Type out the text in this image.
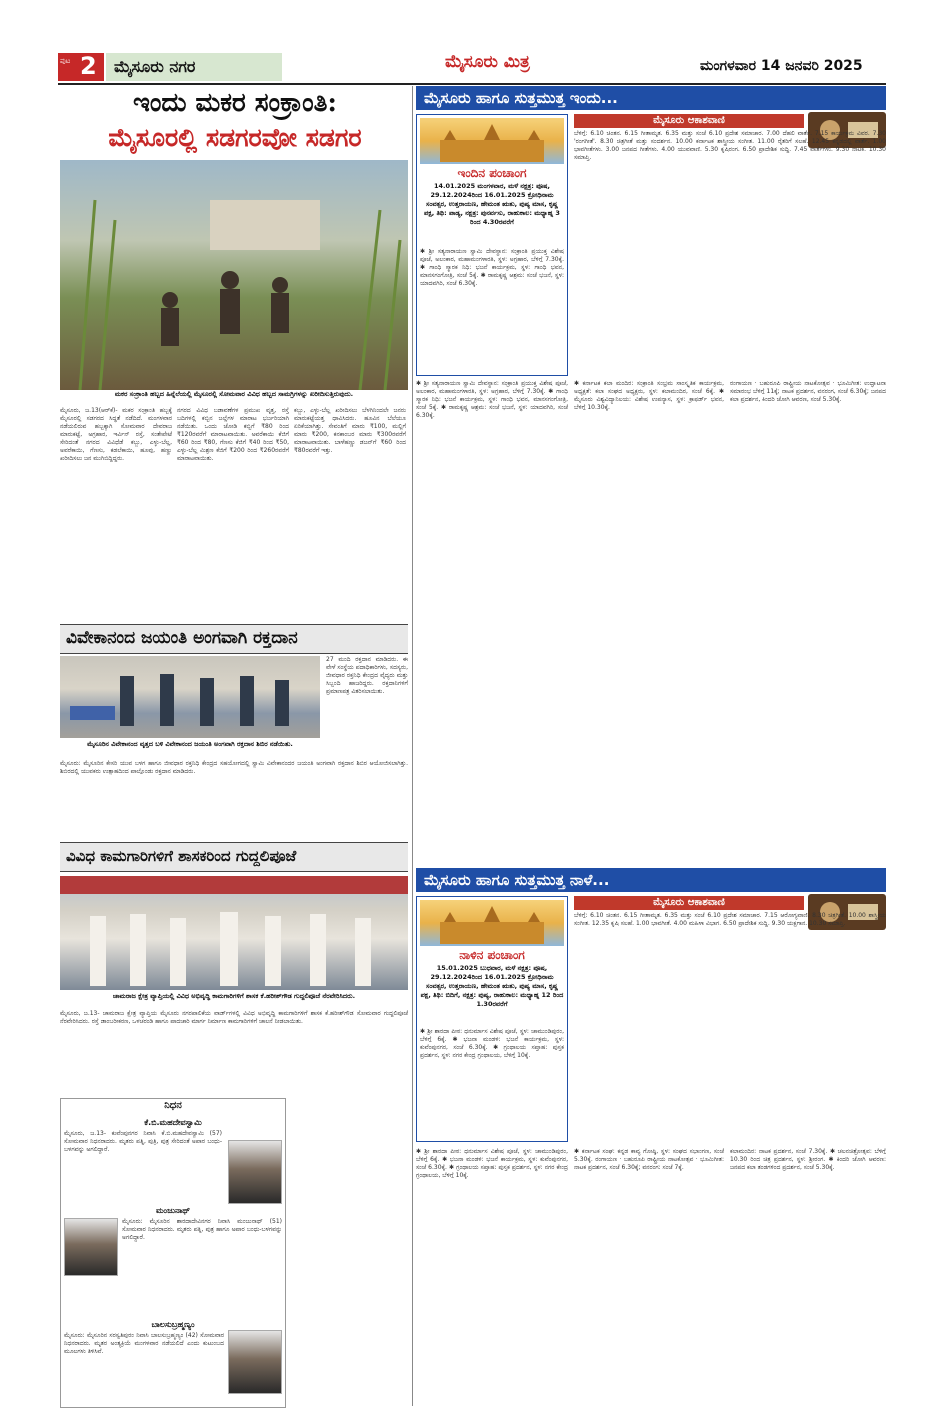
ಪುಟ 2	ಮೈಸೂರು ನಗರ	ಮೈಸೂರು ಮಿತ್ರ	ಮಂಗಳವಾರ 14 ಜನವರಿ 2025
ಇಂದು ಮಕರ ಸಂಕ್ರಾಂತಿ:
ಮೈಸೂರಲ್ಲಿ ಸಡಗರವೋ ಸಡಗರ
ಮಕರ ಸಂಕ್ರಾಂತಿ ಹಬ್ಬದ ಹಿನ್ನೆಲೆಯಲ್ಲಿ ಮೈಸೂರಲ್ಲಿ ಸೋಮವಾರ ವಿವಿಧ ಹಬ್ಬದ ಸಾಮಗ್ರಿಗಳನ್ನು ಖರೀದಿಸುತ್ತಿರುವುದು.
ಮೈಸೂರು, ಜ.13(ಆರ್‌ಕೆ)- ಮಕರ ಸಂಕ್ರಾಂತಿ ಹಬ್ಬಕ್ಕೆ ಮೈಸೂರಲ್ಲಿ ಸಡಗರದ ಸಿದ್ಧತೆ ನಡೆದಿದೆ. ಮಂಗಳವಾರ ನಡೆಯಲಿರುವ ಹಬ್ಬಕ್ಕಾಗಿ ಸೋಮವಾರ ದೇವರಾಜ ಮಾರುಕಟ್ಟೆ, ಅಗ್ರಹಾರ, ಇರ್ವಿನ್ ರಸ್ತೆ, ಸಂತೇಪೇಟೆ ಸೇರಿದಂತೆ ನಗರದ ವಿವಿಧೆಡೆ ಕಬ್ಬು, ಎಳ್ಳು-ಬೆಲ್ಲ, ಅವರೆಕಾಯಿ, ಗೆಣಸು, ಕಡಲೆಕಾಯಿ, ಹೂವು, ಹಣ್ಣು ಖರೀದಿಸಲು ಜನ ಮುಗಿಬಿದ್ದಿದ್ದರು.
ನಗರದ ವಿವಿಧ ಬಡಾವಣೆಗಳ ಪ್ರಮುಖ ವೃತ್ತ, ರಸ್ತೆ ಬದಿಗಳಲ್ಲಿ ಕಬ್ಬಿನ ಜಲ್ಲೆಗಳ ಮಾರಾಟ ಭರ್ಜರಿಯಾಗಿ ನಡೆಯಿತು. ಒಂದು ಜೋಡಿ ಕಬ್ಬಿಗೆ ₹80 ರಿಂದ ₹120ರವರೆಗೆ ಮಾರಾಟವಾಯಿತು. ಅವರೆಕಾಯಿ ಕೆಜಿಗೆ ₹60 ರಿಂದ ₹80, ಗೆಣಸು ಕೆಜಿಗೆ ₹40 ರಿಂದ ₹50, ಎಳ್ಳು-ಬೆಲ್ಲ ಮಿಶ್ರಣ ಕೆಜಿಗೆ ₹200 ರಿಂದ ₹260ರವರೆಗೆ ಮಾರಾಟವಾಯಿತು.
ಕಬ್ಬು, ಎಳ್ಳು-ಬೆಲ್ಲ ಖರೀದಿಸಲು ಬೆಳಗಿನಿಂದಲೇ ಜನರು ಮಾರುಕಟ್ಟೆಯತ್ತ ಧಾವಿಸಿದರು. ಹೂವಿನ ಬೆಲೆಯೂ ಏರಿಕೆಯಾಗಿತ್ತು. ಸೇವಂತಿಗೆ ಮಾರು ₹100, ಮಲ್ಲಿಗೆ ಮಾರು ₹200, ಕನಕಾಂಬರ ಮಾರು ₹300ರವರೆಗೆ ಮಾರಾಟವಾಯಿತು. ಬಾಳೆಹಣ್ಣು ಡಜನ್‌ಗೆ ₹60 ರಿಂದ ₹80ರವರೆಗೆ ಇತ್ತು.
ವಿವೇಕಾನಂದ ಜಯಂತಿ ಅಂಗವಾಗಿ ರಕ್ತದಾನ
ಮೈಸೂರಿನ ವಿವೇಕಾನಂದ ವೃತ್ತದ ಬಳಿ ವಿವೇಕಾನಂದ ಜಯಂತಿ ಅಂಗವಾಗಿ ರಕ್ತದಾನ ಶಿಬಿರ ನಡೆಯಿತು.
27 ಮಂದಿ ರಕ್ತದಾನ ಮಾಡಿದರು. ಈ ವೇಳೆ ಸಂಸ್ಥೆಯ ಪದಾಧಿಕಾರಿಗಳು, ಸದಸ್ಯರು, ಜೀವಧಾರ ರಕ್ತನಿಧಿ ಕೇಂದ್ರದ ವೈದ್ಯರು ಮತ್ತು ಸಿಬ್ಬಂದಿ ಹಾಜರಿದ್ದರು. ರಕ್ತದಾನಿಗಳಿಗೆ ಪ್ರಮಾಣಪತ್ರ ವಿತರಿಸಲಾಯಿತು.
ಮೈಸೂರು: ಮೈಸೂರಿನ ಕೇಸರಿ ಯುವ ಬಳಗ ಹಾಗೂ ಜೀವಧಾರ ರಕ್ತನಿಧಿ ಕೇಂದ್ರದ ಸಹಯೋಗದಲ್ಲಿ ಸ್ವಾಮಿ ವಿವೇಕಾನಂದರ ಜಯಂತಿ ಅಂಗವಾಗಿ ರಕ್ತದಾನ ಶಿಬಿರ ಆಯೋಜಿಸಲಾಗಿತ್ತು. ಶಿಬಿರದಲ್ಲಿ ಯುವಕರು ಉತ್ಸಾಹದಿಂದ ಪಾಲ್ಗೊಂಡು ರಕ್ತದಾನ ಮಾಡಿದರು.
ವಿವಿಧ ಕಾಮಗಾರಿಗಳಿಗೆ ಶಾಸಕರಿಂದ ಗುದ್ದಲಿಪೂಜೆ
ಚಾಮರಾಜ ಕ್ಷೇತ್ರ ವ್ಯಾಪ್ತಿಯಲ್ಲಿ ವಿವಿಧ ಅಭಿವೃದ್ಧಿ ಕಾಮಗಾರಿಗಳಿಗೆ ಶಾಸಕ ಕೆ.ಹರೀಶ್‌ಗೌಡ ಗುದ್ದಲಿಪೂಜೆ ನೆರವೇರಿಸಿದರು.
ಮೈಸೂರು, ಜ.13- ಚಾಮರಾಜ ಕ್ಷೇತ್ರ ವ್ಯಾಪ್ತಿಯ ಮೈಸೂರು ನಗರಪಾಲಿಕೆಯ ವಾರ್ಡ್‌ಗಳಲ್ಲಿ ವಿವಿಧ ಅಭಿವೃದ್ಧಿ ಕಾಮಗಾರಿಗಳಿಗೆ ಶಾಸಕ ಕೆ.ಹರೀಶ್‌ಗೌಡ ಸೋಮವಾರ ಗುದ್ದಲಿಪೂಜೆ ನೆರವೇರಿಸಿದರು. ರಸ್ತೆ ಡಾಂಬರೀಕರಣ, ಒಳಚರಂಡಿ ಹಾಗೂ ಪಾದಚಾರಿ ಮಾರ್ಗ ನಿರ್ಮಾಣ ಕಾಮಗಾರಿಗಳಿಗೆ ಚಾಲನೆ ನೀಡಲಾಯಿತು.
ನಿಧನ
ಕೆ.ಬಿ.ಮಹದೇವಸ್ವಾಮಿ
ಮೈಸೂರು, ಜ.13- ಕುವೆಂಪುನಗರ ನಿವಾಸಿ ಕೆ.ಬಿ.ಮಹದೇವಸ್ವಾಮಿ (57) ಸೋಮವಾರ ನಿಧನರಾದರು. ಮೃತರು ಪತ್ನಿ, ಪುತ್ರಿ, ಪುತ್ರ ಸೇರಿದಂತೆ ಅಪಾರ ಬಂಧು-ಬಳಗವನ್ನು ಅಗಲಿದ್ದಾರೆ.
ಮಂಜುನಾಥ್
ಮೈಸೂರು: ಮೈಸೂರಿನ ಶಾರದಾದೇವಿನಗರ ನಿವಾಸಿ ಮಂಜುನಾಥ್ (51) ಸೋಮವಾರ ನಿಧನರಾದರು. ಮೃತರು ಪತ್ನಿ, ಪುತ್ರ ಹಾಗೂ ಅಪಾರ ಬಂಧು-ಬಳಗವನ್ನು ಅಗಲಿದ್ದಾರೆ.
ಬಾಲಸುಬ್ರಹ್ಮಣ್ಯಂ
ಮೈಸೂರು: ಮೈಸೂರಿನ ಸರಸ್ವತಿಪುರಂ ನಿವಾಸಿ ಬಾಲಸುಬ್ರಹ್ಮಣ್ಯಂ (42) ಸೋಮವಾರ ನಿಧನರಾದರು. ಮೃತರ ಅಂತ್ಯಕ್ರಿಯೆ ಮಂಗಳವಾರ ನಡೆಯಲಿದೆ ಎಂದು ಕುಟುಂಬದ ಮೂಲಗಳು ತಿಳಿಸಿವೆ.
ಮೈಸೂರು ಹಾಗೂ ಸುತ್ತಮುತ್ತ ಇಂದು...
ಇಂದಿನ ಪಂಚಾಂಗ
14.01.2025 ಮಂಗಳವಾರ, ಮಳೆ ನಕ್ಷತ್ರ: ಪೂಷ, 29.12.2024ರಿಂದ 16.01.2025 ಕ್ರೋಧಿನಾಮ ಸಂವತ್ಸರ, ಉತ್ತರಾಯಣ, ಹೇಮಂತ ಋತು, ಪುಷ್ಯ ಮಾಸ, ಕೃಷ್ಣ ಪಕ್ಷ, ತಿಥಿ: ಪಾಡ್ಯ, ನಕ್ಷತ್ರ: ಪುನರ್ವಸು, ರಾಹುಕಾಲ: ಮಧ್ಯಾಹ್ನ 3 ರಿಂದ 4.30ರವರೆಗೆ
✱ ಶ್ರೀ ಸತ್ಯನಾರಾಯಣ ಸ್ವಾಮಿ ದೇವಸ್ಥಾನ: ಸಂಕ್ರಾಂತಿ ಪ್ರಯುಕ್ತ ವಿಶೇಷ ಪೂಜೆ, ಅಲಂಕಾರ, ಮಹಾಮಂಗಳಾರತಿ, ಸ್ಥಳ: ಅಗ್ರಹಾರ, ಬೆಳಿಗ್ಗೆ 7.30ಕ್ಕೆ. ✱ ಗಾಂಧಿ ಸ್ಮಾರಕ ನಿಧಿ: ಭಜನೆ ಕಾರ್ಯಕ್ರಮ, ಸ್ಥಳ: ಗಾಂಧಿ ಭವನ, ಮಾನಸಗಂಗೋತ್ರಿ, ಸಂಜೆ 5ಕ್ಕೆ. ✱ ರಾಮಕೃಷ್ಣ ಆಶ್ರಮ: ಸಂಜೆ ಭಜನೆ, ಸ್ಥಳ: ಯಾದವಗಿರಿ, ಸಂಜೆ 6.30ಕ್ಕೆ.
ಮೈಸೂರು ಆಕಾಶವಾಣಿ
ಬೆಳಿಗ್ಗೆ: 6.10 ಚಿಂತನ. 6.15 ಗೀತಾಮೃತ. 6.35 ಮತ್ತು ಸಂಜೆ 6.10 ಪ್ರದೇಶ ಸಮಾಚಾರ. 7.00 ದೆಹಲಿ ವಾರ್ತೆ. 7.15 ಕಾರ್ಯಕ್ರಮ ವಿವರ. 7.30 'ರಂಗಗೀತೆ'. 8.30 ಚಿತ್ರಗೀತೆ ಮತ್ತು ಸಂದರ್ಶನ. 10.00 ಕರ್ನಾಟಕ ಶಾಸ್ತ್ರೀಯ ಸಂಗೀತ. 11.00 ರೈತರಿಗೆ ಸಲಹೆ. 12.45 ಕನ್ನಡದಲ್ಲಿ ವಾರ್ತೆ. 1.00 ಭಾವಗೀತೆಗಳು. 3.00 ಜನಪದ ಗೀತೆಗಳು. 4.00 ಯುವವಾಣಿ. 5.30 ಕೃಷಿರಂಗ. 6.50 ಪ್ರಾದೇಶಿಕ ಸುದ್ದಿ. 7.45 ವಾರ್ತೆಗಳು. 9.30 ನಾಟಕ. 10.30 ಸಮಾಪ್ತಿ.
✱ ಶ್ರೀ ಸತ್ಯನಾರಾಯಣ ಸ್ವಾಮಿ ದೇವಸ್ಥಾನ: ಸಂಕ್ರಾಂತಿ ಪ್ರಯುಕ್ತ ವಿಶೇಷ ಪೂಜೆ, ಅಲಂಕಾರ, ಮಹಾಮಂಗಳಾರತಿ, ಸ್ಥಳ: ಅಗ್ರಹಾರ, ಬೆಳಿಗ್ಗೆ 7.30ಕ್ಕೆ. ✱ ಗಾಂಧಿ ಸ್ಮಾರಕ ನಿಧಿ: ಭಜನೆ ಕಾರ್ಯಕ್ರಮ, ಸ್ಥಳ: ಗಾಂಧಿ ಭವನ, ಮಾನಸಗಂಗೋತ್ರಿ, ಸಂಜೆ 5ಕ್ಕೆ. ✱ ರಾಮಕೃಷ್ಣ ಆಶ್ರಮ: ಸಂಜೆ ಭಜನೆ, ಸ್ಥಳ: ಯಾದವಗಿರಿ, ಸಂಜೆ 6.30ಕ್ಕೆ.
✱ ಕರ್ನಾಟಕ ಕಲಾ ಮಂದಿರ: ಸಂಕ್ರಾಂತಿ ಸಂಭ್ರಮ ಸಾಂಸ್ಕೃತಿಕ ಕಾರ್ಯಕ್ರಮ, ಅಧ್ಯಕ್ಷತೆ: ಕಲಾ ಸಂಘದ ಅಧ್ಯಕ್ಷರು, ಸ್ಥಳ: ಕಲಾಮಂದಿರ, ಸಂಜೆ 6ಕ್ಕೆ. ✱ ಮೈಸೂರು ವಿಶ್ವವಿದ್ಯಾನಿಲಯ: ವಿಶೇಷ ಉಪನ್ಯಾಸ, ಸ್ಥಳ: ಕ್ರಾಫರ್ಡ್ ಭವನ, ಬೆಳಿಗ್ಗೆ 10.30ಕ್ಕೆ.
ರಂಗಾಯಣ · ಬಹುರೂಪಿ ರಾಷ್ಟ್ರೀಯ ನಾಟಕೋತ್ಸವ · ಭೂಮಿಗೀತ: ಉದ್ಘಾಟನಾ ಸಮಾರಂಭ ಬೆಳಿಗ್ಗೆ 11ಕ್ಕೆ; ನಾಟಕ ಪ್ರದರ್ಶನ, ವನರಂಗ, ಸಂಜೆ 6.30ಕ್ಕೆ; ಜನಪದ ಕಲಾ ಪ್ರದರ್ಶನ, ಕಿಂದರಿ ಜೋಗಿ ಆವರಣ, ಸಂಜೆ 5.30ಕ್ಕೆ.
ಮೈಸೂರು ಹಾಗೂ ಸುತ್ತಮುತ್ತ ನಾಳೆ...
ನಾಳಿನ ಪಂಚಾಂಗ
15.01.2025 ಬುಧವಾರ, ಮಳೆ ನಕ್ಷತ್ರ: ಪೂಷ, 29.12.2024ರಿಂದ 16.01.2025 ಕ್ರೋಧಿನಾಮ ಸಂವತ್ಸರ, ಉತ್ತರಾಯಣ, ಹೇಮಂತ ಋತು, ಪುಷ್ಯ ಮಾಸ, ಕೃಷ್ಣ ಪಕ್ಷ, ತಿಥಿ: ಬಿದಿಗೆ, ನಕ್ಷತ್ರ: ಪುಷ್ಯ, ರಾಹುಕಾಲ: ಮಧ್ಯಾಹ್ನ 12 ರಿಂದ 1.30ರವರೆಗೆ
✱ ಶ್ರೀ ಶಾರದಾ ಪೀಠ: ಧನುರ್ಮಾಸ ವಿಶೇಷ ಪೂಜೆ, ಸ್ಥಳ: ಚಾಮುಂಡಿಪುರಂ, ಬೆಳಿಗ್ಗೆ 6ಕ್ಕೆ. ✱ ಭಜನಾ ಮಂಡಳಿ: ಭಜನೆ ಕಾರ್ಯಕ್ರಮ, ಸ್ಥಳ: ಕುವೆಂಪುನಗರ, ಸಂಜೆ 6.30ಕ್ಕೆ. ✱ ಗ್ರಂಥಾಲಯ ಸಪ್ತಾಹ: ಪುಸ್ತಕ ಪ್ರದರ್ಶನ, ಸ್ಥಳ: ನಗರ ಕೇಂದ್ರ ಗ್ರಂಥಾಲಯ, ಬೆಳಿಗ್ಗೆ 10ಕ್ಕೆ.
ಮೈಸೂರು ಆಕಾಶವಾಣಿ
ಬೆಳಿಗ್ಗೆ: 6.10 ಚಿಂತನ. 6.15 ಗೀತಾಮೃತ. 6.35 ಮತ್ತು ಸಂಜೆ 6.10 ಪ್ರದೇಶ ಸಮಾಚಾರ. 7.15 ಆರೋಗ್ಯವಾಣಿ. 8.30 ಚಿತ್ರಗೀತೆ. 10.00 ಶಾಸ್ತ್ರೀಯ ಸಂಗೀತ. 12.35 ಕೃಷಿ ಸಲಹೆ. 1.00 ಭಾವಗೀತೆ. 4.00 ಮಹಿಳಾ ವಿಭಾಗ. 6.50 ಪ್ರಾದೇಶಿಕ ಸುದ್ದಿ. 9.30 ಯಕ್ಷಗಾನ. 10.30 ಸಮಾಪ್ತಿ.
✱ ಶ್ರೀ ಶಾರದಾ ಪೀಠ: ಧನುರ್ಮಾಸ ವಿಶೇಷ ಪೂಜೆ, ಸ್ಥಳ: ಚಾಮುಂಡಿಪುರಂ, ಬೆಳಿಗ್ಗೆ 6ಕ್ಕೆ. ✱ ಭಜನಾ ಮಂಡಳಿ: ಭಜನೆ ಕಾರ್ಯಕ್ರಮ, ಸ್ಥಳ: ಕುವೆಂಪುನಗರ, ಸಂಜೆ 6.30ಕ್ಕೆ. ✱ ಗ್ರಂಥಾಲಯ ಸಪ್ತಾಹ: ಪುಸ್ತಕ ಪ್ರದರ್ಶನ, ಸ್ಥಳ: ನಗರ ಕೇಂದ್ರ ಗ್ರಂಥಾಲಯ, ಬೆಳಿಗ್ಗೆ 10ಕ್ಕೆ.
✱ ಕರ್ನಾಟಕ ಸಂಘ: ಕನ್ನಡ ಕಾವ್ಯ ಗೋಷ್ಠಿ, ಸ್ಥಳ: ಸಂಘದ ಸಭಾಂಗಣ, ಸಂಜೆ 5.30ಕ್ಕೆ. ರಂಗಾಯಣ · ಬಹುರೂಪಿ ರಾಷ್ಟ್ರೀಯ ನಾಟಕೋತ್ಸವ · ಭೂಮಿಗೀತ: ನಾಟಕ ಪ್ರದರ್ಶನ, ಸಂಜೆ 6.30ಕ್ಕೆ; ವನರಂಗ: ಸಂಜೆ 7ಕ್ಕೆ.
ಕಲಾಮಂದಿರ: ನಾಟಕ ಪ್ರದರ್ಶನ, ಸಂಜೆ 7.30ಕ್ಕೆ. ✱ ಚಲನಚಿತ್ರೋತ್ಸವ: ಬೆಳಿಗ್ಗೆ 10.30 ರಿಂದ ಚಿತ್ರ ಪ್ರದರ್ಶನ, ಸ್ಥಳ: ಶ್ರೀರಂಗ. ✱ ಕಿಂದರಿ ಜೋಗಿ ಆವರಣ: ಜನಪದ ಕಲಾ ತಂಡಗಳಿಂದ ಪ್ರದರ್ಶನ, ಸಂಜೆ 5.30ಕ್ಕೆ.
